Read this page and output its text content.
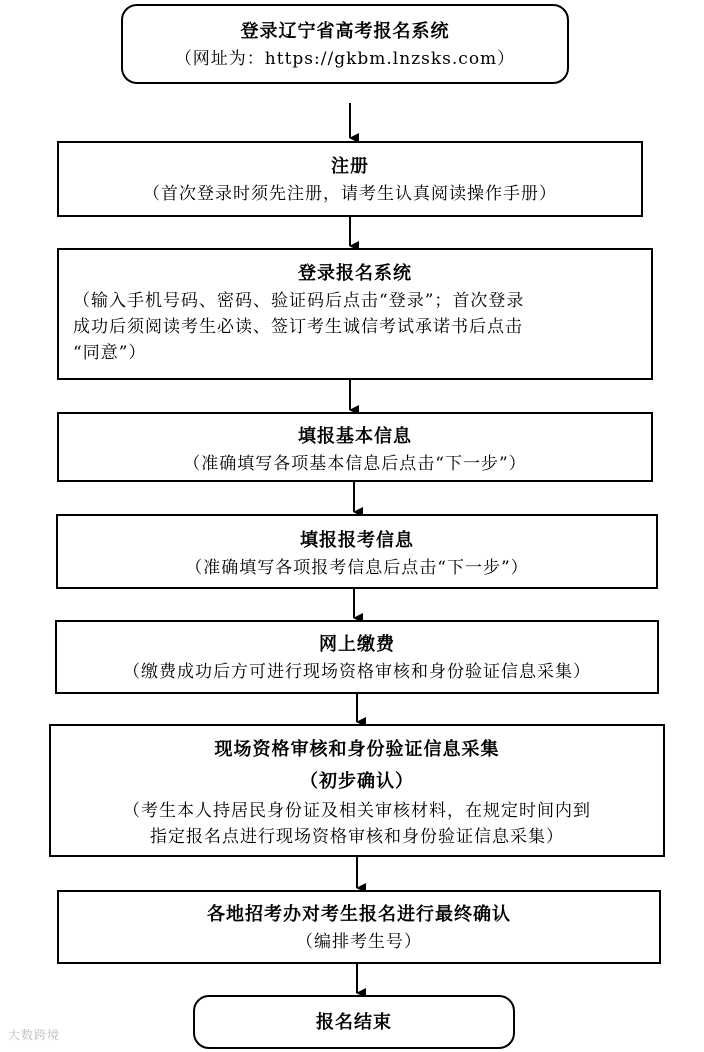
登录辽宁省高考报名系统
（网址为：https://gkbm.lnzsks.com）
注册
（首次登录时须先注册，请考生认真阅读操作手册）
登录报名系统
（输入手机号码、密码、验证码后点击“登录”；首次登录
成功后须阅读考生必读、签订考生诚信考试承诺书后点击
“同意”）
填报基本信息
（准确填写各项基本信息后点击“下一步”）
填报报考信息
（准确填写各项报考信息后点击“下一步”）
网上缴费
（缴费成功后方可进行现场资格审核和身份验证信息采集）
现场资格审核和身份验证信息采集
（初步确认）
（考生本人持居民身份证及相关审核材料，在规定时间内到
指定报名点进行现场资格审核和身份验证信息采集）
各地招考办对考生报名进行最终确认
（编排考生号）
报名结束
大数跨境
